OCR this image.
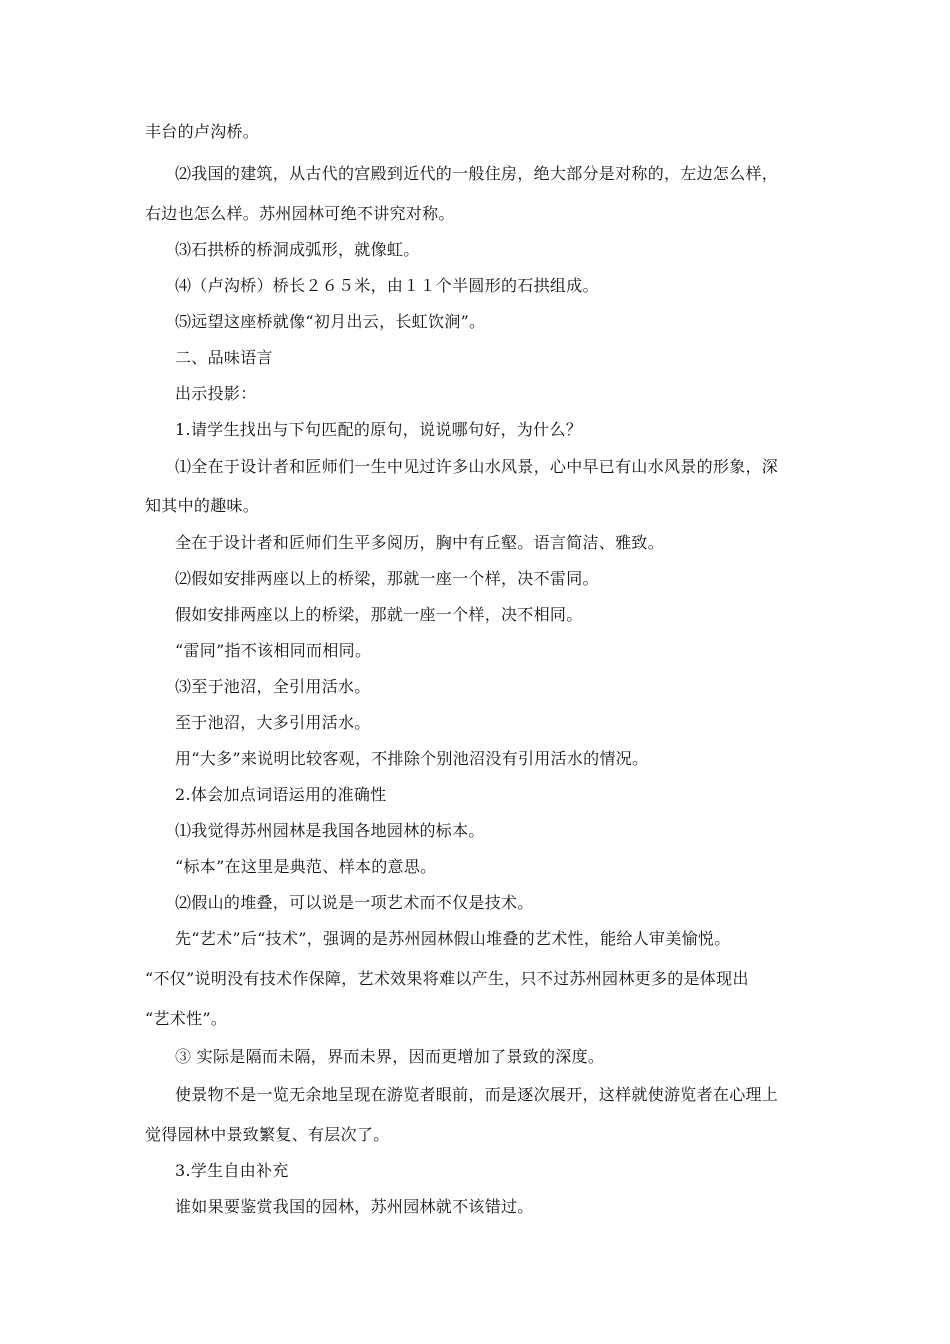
丰台的卢沟桥。
⑵我国的建筑，从古代的宫殿到近代的一般住房，绝大部分是对称的，左边怎么样，
右边也怎么样。苏州园林可绝不讲究对称。
⑶石拱桥的桥洞成弧形，就像虹。
⑷（卢沟桥）桥长２６５米，由１１个半圆形的石拱组成。
⑸远望这座桥就像“初月出云，长虹饮涧”。
二、品味语言
出示投影：
1.请学生找出与下句匹配的原句，说说哪句好，为什么？
⑴全在于设计者和匠师们一生中见过许多山水风景，心中早已有山水风景的形象，深
知其中的趣味。
全在于设计者和匠师们生平多阅历，胸中有丘壑。语言简洁、雅致。
⑵假如安排两座以上的桥梁，那就一座一个样，决不雷同。
假如安排两座以上的桥梁，那就一座一个样，决不相同。
“雷同”指不该相同而相同。
⑶至于池沼，全引用活水。
至于池沼，大多引用活水。
用“大多”来说明比较客观，不排除个别池沼没有引用活水的情况。
2.体会加点词语运用的准确性
⑴我觉得苏州园林是我国各地园林的标本。
“标本”在这里是典范、样本的意思。
⑵假山的堆叠，可以说是一项艺术而不仅是技术。
先“艺术”后“技术”，强调的是苏州园林假山堆叠的艺术性，能给人审美愉悦。
“不仅”说明没有技术作保障，艺术效果将难以产生，只不过苏州园林更多的是体现出
“艺术性”。
③ 实际是隔而未隔，界而未界，因而更增加了景致的深度。
使景物不是一览无余地呈现在游览者眼前，而是逐次展开，这样就使游览者在心理上
觉得园林中景致繁复、有层次了。
3.学生自由补充
谁如果要鉴赏我国的园林，苏州园林就不该错过。
